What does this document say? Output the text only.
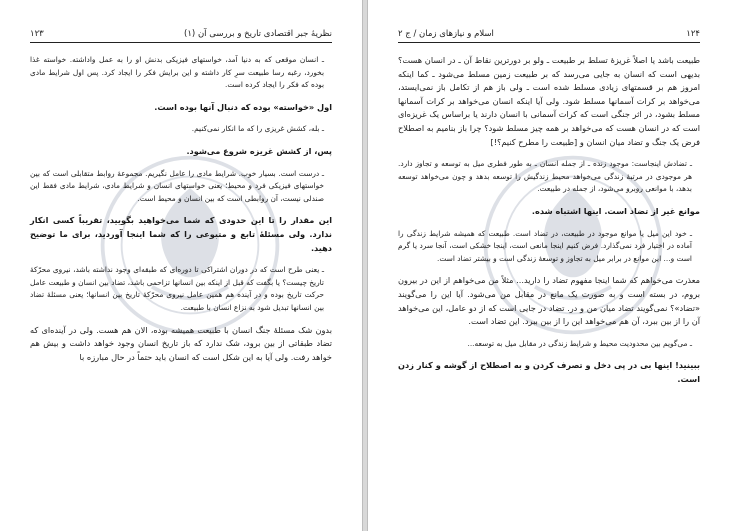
۱۲۳	نظریهٔ جبر اقتصادی تاریخ و بررسی آن (۱)

ـ انسان موقعی که به دنیا آمد، خواستهای فیزیکی بدنش او را به عمل واداشته. خواسته غذا بخورد، رغبه رسا طبیعت سرِ کار داشته و این برایش فکر را ایجاد کرد. پس اول شرایط مادی بوده که فکر را ایجاد کرده است.

اول «خواسته» بوده که دنبال آنها بوده است.

ـ بله، کشش غریزی را که ما انکار نمی‌کنیم.

پس، از کشش غریزه شروع می‌شود.

ـ درست است. بسیار خوب. شرایط مادی را عامل نگیریم. مجموعهٔ روابط متقابلی است که بین خواستهای فیزیکی فرد و محیط؛ یعنی خواستهای انسان و شرایط مادی، شرایط مادی فقط این صندلی نیست، آن روابطی است که بین انسان و محیط است.

این مقدار را تا این حدودی که شما می‌خواهید بگویید، تقریباً کسی انکار ندارد. ولی مسئلهٔ تابع و متبوعی را که شما اینجا آوردید، برای ما توضیح دهید.

ـ یعنی طرح است که در دوران اشتراکی تا دوره‌ای که طبقه‌ای وجود نداشته باشد، نیروی محرّکهٔ تاریخ چیست؟ یا بگفت که قبل از اینکه بین انسانها تزاحمی باشد، تضاد بین انسان و طبیعت عامل حرکت تاریخ بوده و در آینده هم همین عامل نیروی محرّکهٔ تاریخ بین انسانها؛ یعنی مسئلهٔ تضاد بین انسانها تبدیل شود به نزاع انسان با طبیعت.

بدون شک مسئلهٔ جنگ انسان با طبیعت همیشه بوده، الان هم هست. ولی در آینده‌ای که تضاد طبقاتی از بین برود، شک ندارد که باز تاریخ انسان وجود خواهد داشت و بیش هم خواهد رفت. ولی آیا به این شکل است که انسان باید حتماً در حال مبارزه با

۱۲۴
اسلام و نیازهای زمان / ج ۲

طبیعت باشد یا اصلاً غریزهٔ تسلط بر طبیعت ـ ولو بر دورترین نقاط آن ـ در انسان هست؟ بدیهی است که انسان به جایی می‌رسد که بر طبیعت زمین مسلط می‌شود ـ کما اینکه امروز هم بر قسمتهای زیادی مسلط شده است ـ ولی باز هم از تکامل باز نمی‌ایستد، می‌خواهد بر کرات آسمانها مسلط شود. ولی آیا اینکه انسان می‌خواهد بر کرات آسمانها مسلط بشود، در اثر جنگی است که کرات آسمانی با انسان دارند یا براساس یک غریزه‌ای است که در انسان هست که می‌خواهد بر همه چیز مسلط شود؟ چرا باز بنامیم به اصطلاح فرض یک جنگ و تضاد میان انسان و [طبیعت را مطرح کنیم؟!]

ـ تضادش اینجاست: موجود زنده ـ از جمله انسان ـ به طور فطری میل به توسعه و تجاوز دارد. هر موجودی در مرتبهٔ زندگی می‌خواهد محیط زندگیش را توسعه بدهد و چون می‌خواهد توسعه بدهد، با موانعی روبرو می‌شود، از جمله در طبیعت.

موانع غیر از تضاد است. اینها اشتباه شده.

ـ خود این میل یا موانع موجود در طبیعت، در تضاد است. طبیعت که همیشه شرایط زندگی را آماده در اختیار فرد نمی‌گذارد. فرض کنیم اینجا مانعی است، اینجا خشکی است، آنجا سرد یا گرم است و... این موانع در برابر میل به تجاوز و توسعهٔ زندگی است و بیشتر تضاد است.

معذرت می‌خواهم که شما اینجا مفهوم تضاد را دارید... مثلاً من می‌خواهم از این در بیرون بروم، در بسته است و به صورت یک مانع در مقابل من می‌شود. آیا این را می‌گویند «تضاد»؟ نمی‌گویند تضاد میان من و در. تضاد در جایی است که از دو عامل، این می‌خواهد آن را از بین ببرد، آن هم می‌خواهد این را از بین ببرد. این تضاد است.

ـ می‌گویم بین محدودیت محیط و شرایط زندگی در مقابل میل به توسعه...

ببینید! اینها بی در پی دخل و تصرف کردن و به اصطلاح از گوشه و کنار زدن است.
